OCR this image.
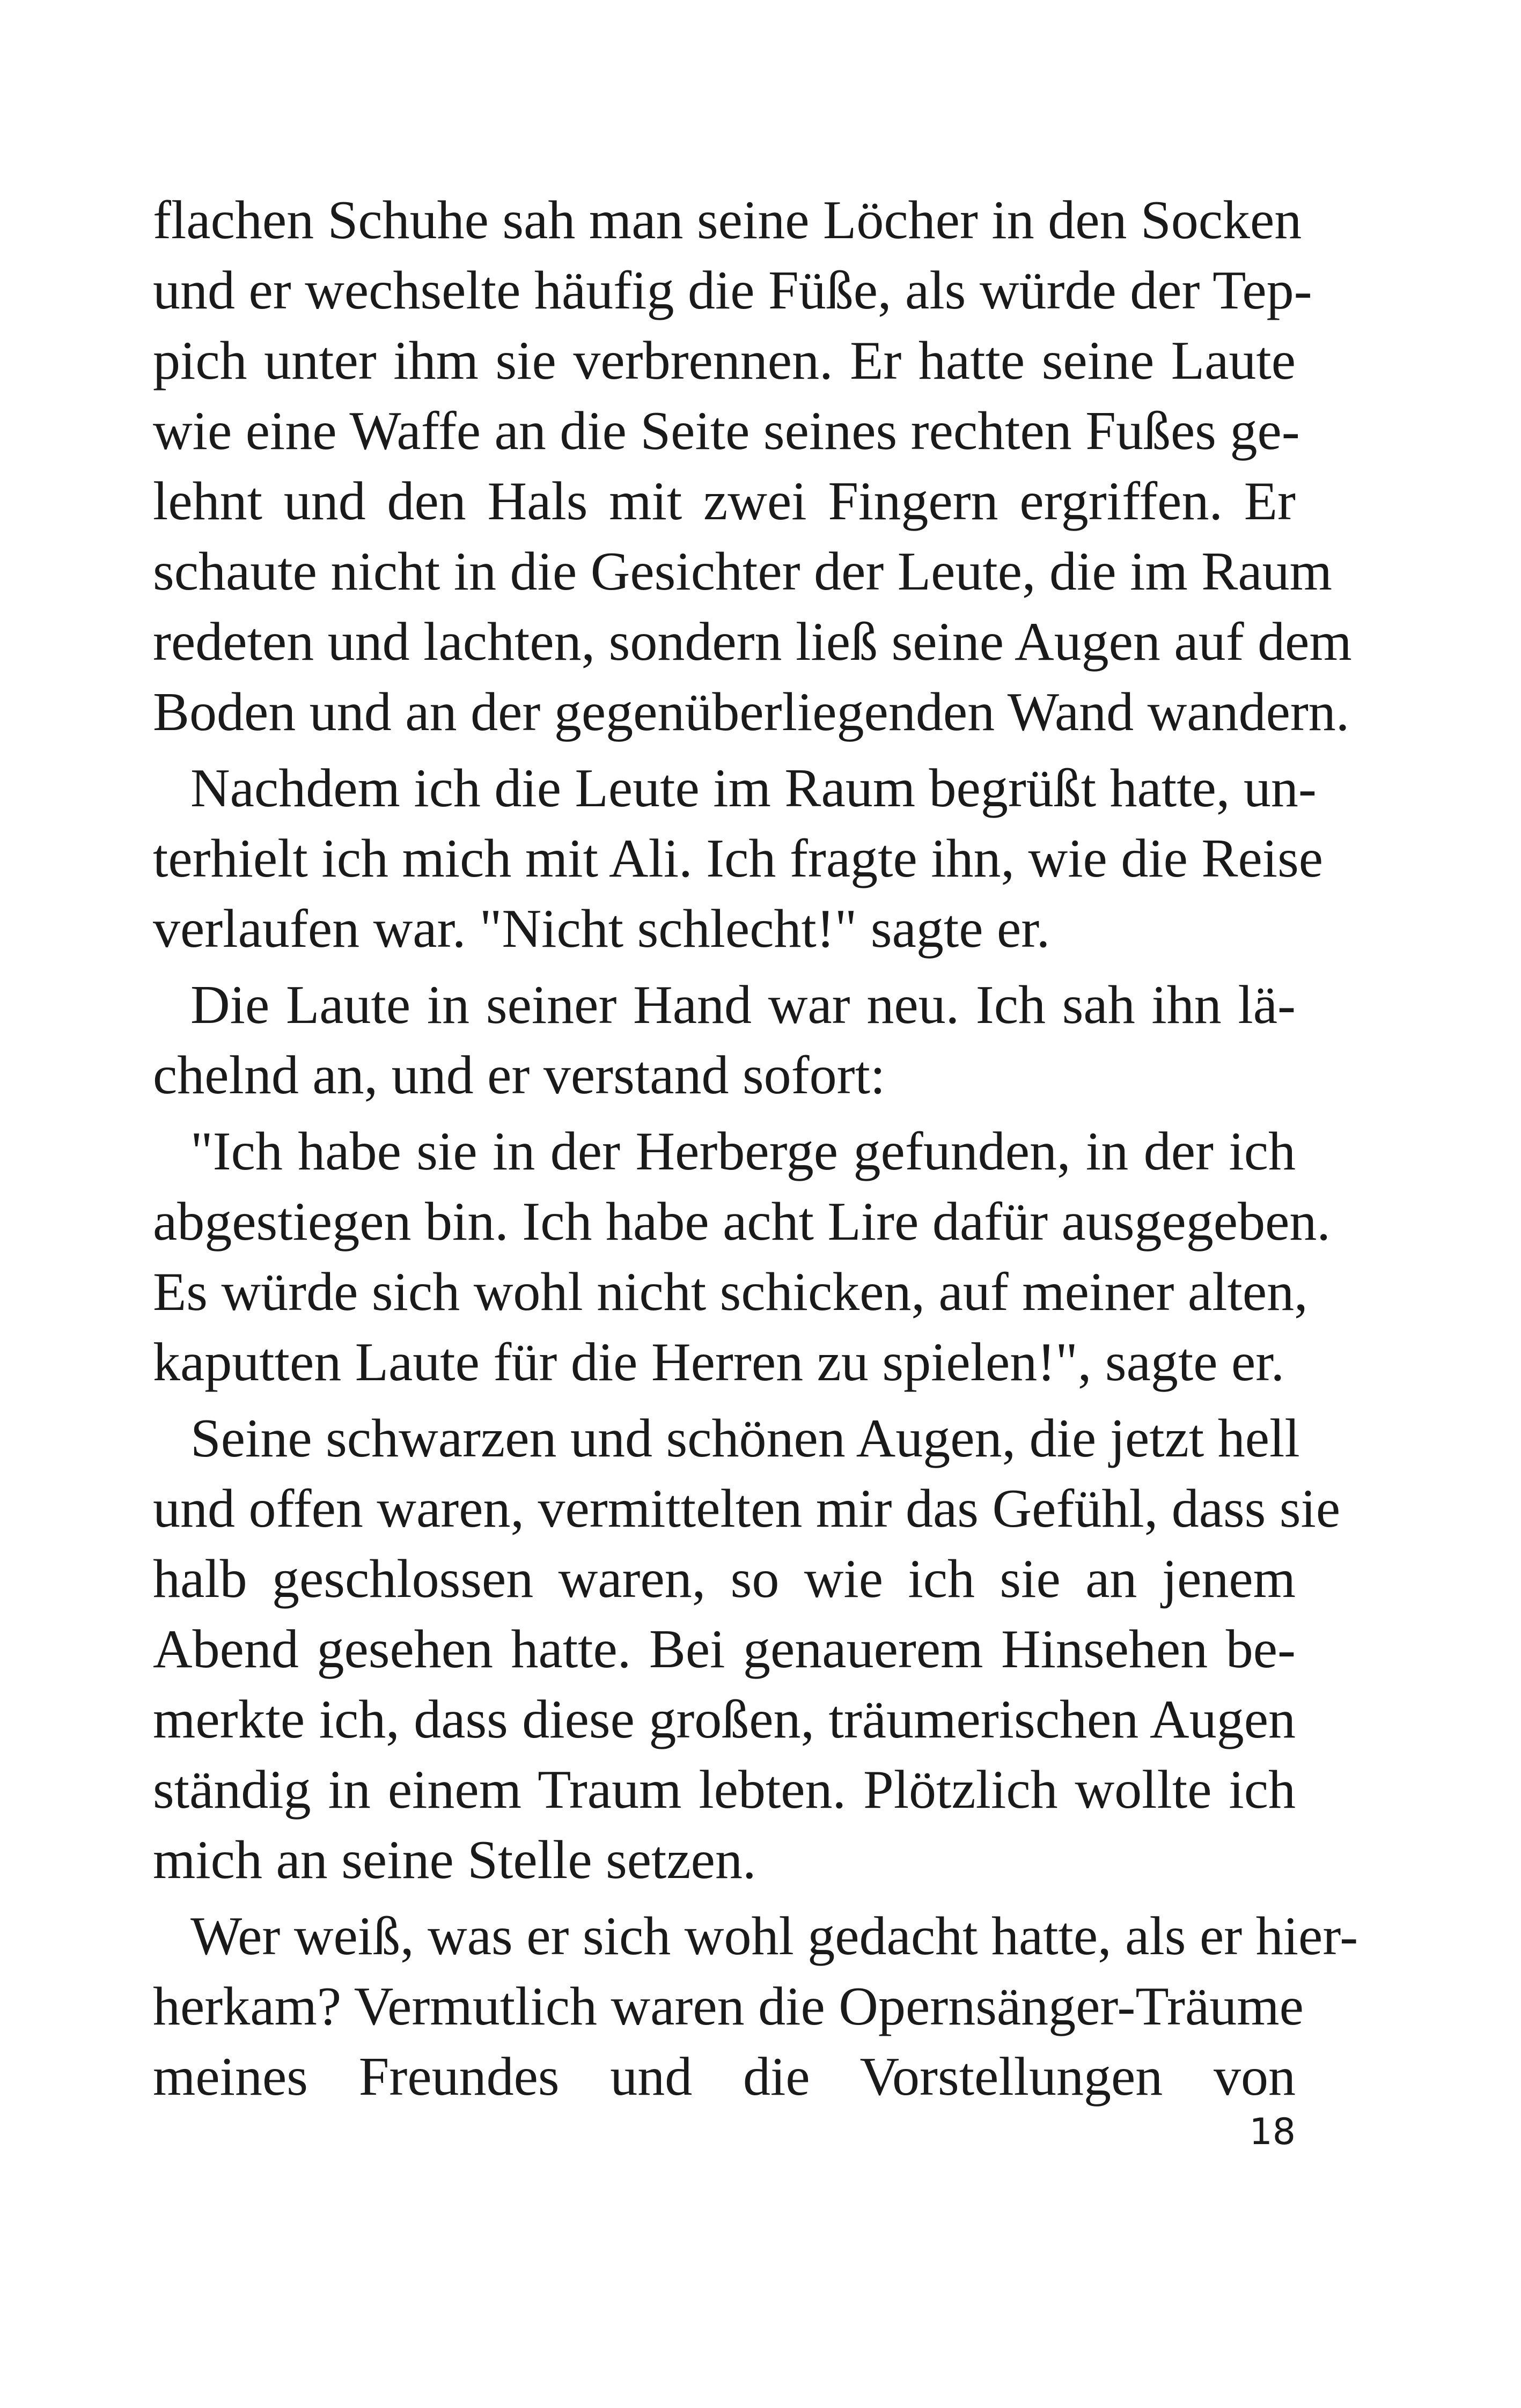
flachen Schuhe sah man seine Löcher in den Socken
und er wechselte häufig die Füße, als würde der Tep-
pich unter ihm sie verbrennen. Er hatte seine Laute
wie eine Waffe an die Seite seines rechten Fußes ge-
lehnt und den Hals mit zwei Fingern ergriffen. Er
schaute nicht in die Gesichter der Leute, die im Raum
redeten und lachten, sondern ließ seine Augen auf dem
Boden und an der gegenüberliegenden Wand wandern.

Nachdem ich die Leute im Raum begrüßt hatte, un-
terhielt ich mich mit Ali. Ich fragte ihn, wie die Reise
verlaufen war. "Nicht schlecht!" sagte er.

Die Laute in seiner Hand war neu. Ich sah ihn lä-
chelnd an, und er verstand sofort:

"Ich habe sie in der Herberge gefunden, in der ich
abgestiegen bin. Ich habe acht Lire dafür ausgegeben.
Es würde sich wohl nicht schicken, auf meiner alten,
kaputten Laute für die Herren zu spielen!", sagte er.

Seine schwarzen und schönen Augen, die jetzt hell
und offen waren, vermittelten mir das Gefühl, dass sie
halb geschlossen waren, so wie ich sie an jenem
Abend gesehen hatte. Bei genauerem Hinsehen be-
merkte ich, dass diese großen, träumerischen Augen
ständig in einem Traum lebten. Plötzlich wollte ich
mich an seine Stelle setzen.

Wer weiß, was er sich wohl gedacht hatte, als er hier-
herkam? Vermutlich waren die Opernsänger-Träume
meines Freundes und die Vorstellungen von

18
